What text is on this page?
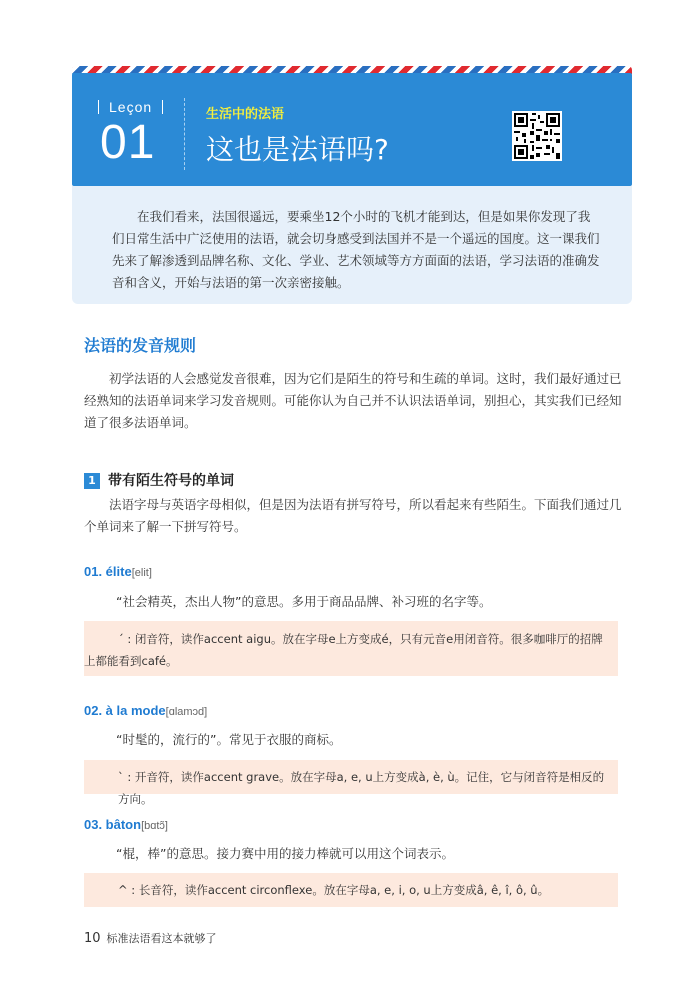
Leçon
01
生活中的法语
这也是法语吗?

在我们看来，法国很遥远，要乘坐12个小时的飞机才能到达，但是如果你发现了我们日常生活中广泛使用的法语，就会切身感受到法国并不是一个遥远的国度。这一课我们先来了解渗透到品牌名称、文化、学业、艺术领域等方方面面的法语，学习法语的准确发音和含义，开始与法语的第一次亲密接触。

法语的发音规则

初学法语的人会感觉发音很难，因为它们是陌生的符号和生疏的单词。这时，我们最好通过已经熟知的法语单词来学习发音规则。可能你认为自己并不认识法语单词，别担心，其实我们已经知道了很多法语单词。

1 带有陌生符号的单词

法语字母与英语字母相似，但是因为法语有拼写符号，所以看起来有些陌生。下面我们通过几个单词来了解一下拼写符号。

01. élite[elit]
“社会精英，杰出人物”的意思。多用于商品品牌、补习班的名字等。
´ : 闭音符，读作accent aigu。放在字母e上方变成é，只有元音e用闭音符。很多咖啡厅的招牌上都能看到café。
02. à la mode[ɑlamɔd]
“时髦的，流行的”。常见于衣服的商标。
` : 开音符，读作accent grave。放在字母a, e, u上方变成à, è, ù。记住，它与闭音符是相反的方向。
03. bâton[bɑtɔ̃]
“棍，棒”的意思。接力赛中用的接力棒就可以用这个词表示。
^ : 长音符，读作accent circonflexe。放在字母a, e, i, o, u上方变成â, ê, î, ô, û。
10 标准法语看这本就够了
